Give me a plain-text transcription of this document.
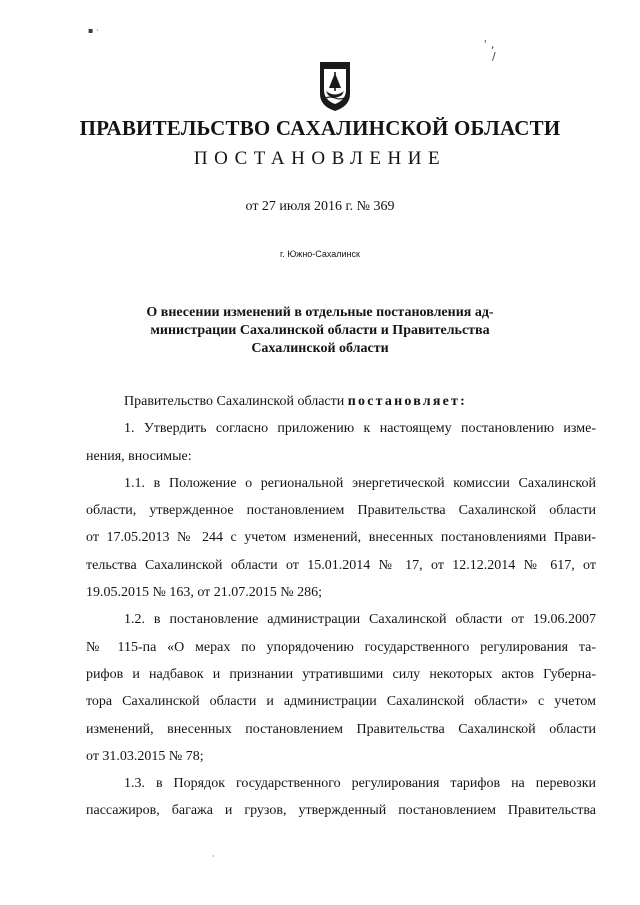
▪ ·
ʾ ,
/
ПРАВИТЕЛЬСТВО САХАЛИНСКОЙ ОБЛАСТИ
ПОСТАНОВЛЕНИЕ
от 27 июля 2016 г. № 369
г. Южно-Сахалинск
О внесении изменений в отдельные постановления ад-
министрации Сахалинской области и Правительства
Сахалинской области
Правительство Сахалинской области постановляет:
1. Утвердить согласно приложению к настоящему постановлению изме-
нения, вносимые:
1.1. в Положение о региональной энергетической комиссии Сахалинской
области, утвержденное постановлением Правительства Сахалинской области
от 17.05.2013 № 244 с учетом изменений, внесенных постановлениями Прави-
тельства Сахалинской области от 15.01.2014 № 17, от 12.12.2014 № 617, от
19.05.2015 № 163, от 21.07.2015 № 286;
1.2. в постановление администрации Сахалинской области от 19.06.2007
№ 115-па «О мерах по упорядочению государственного регулирования та-
рифов и надбавок и признании утратившими силу некоторых актов Губерна-
тора Сахалинской области и администрации Сахалинской области» с учетом
изменений, внесенных постановлением Правительства Сахалинской области
от 31.03.2015 № 78;
1.3. в Порядок государственного регулирования тарифов на перевозки
пассажиров, багажа и грузов, утвержденный постановлением Правительства
·
